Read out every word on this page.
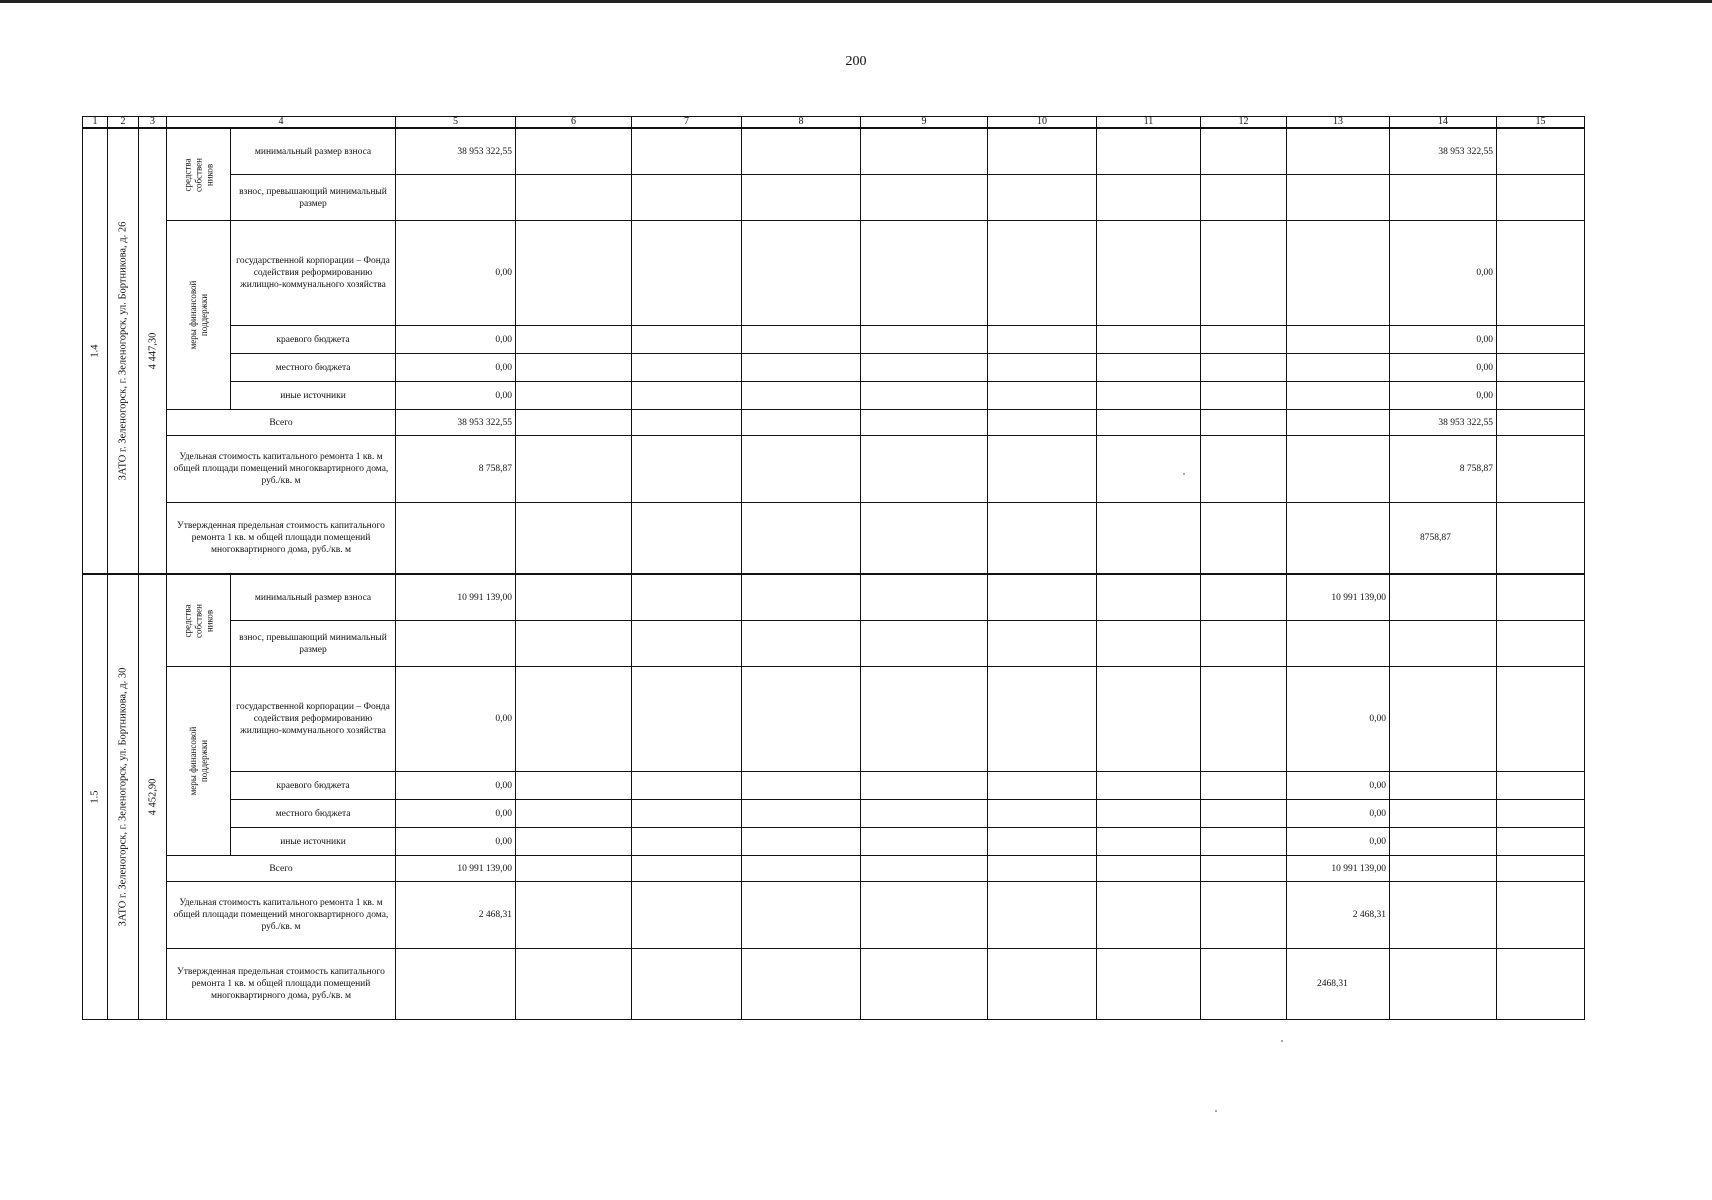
200
1	2	3	4		5	6	7	8	9	10	11	12	13	14	15

1.4	ЗАТО г. Зеленогорск, г. Зеленогорск, ул. Бортникова, д. 26	4 447,30	средства собствен ников	минимальный размер взноса	38 953 322,55									38 953 322,55	
				взнос, превышающий минимальный размер											

			меры финансовой поддержки	государственной корпорации – Фонда содействия реформированию жилищно-коммунального хозяйства	0,00									0,00	
				краевого бюджета	0,00									0,00	
				местного бюджета	0,00									0,00	
				иные источники	0,00									0,00	
			Всего		38 953 322,55									38 953 322,55	
			Удельная стоимость капитального ремонта 1 кв. м общей площади помещений многоквартирного дома, руб./кв. м		8 758,87									8 758,87	
			Утвержденная предельная стоимость капитального ремонта 1 кв. м общей площади помещений многоквартирного дома, руб./кв. м											8758,87	

1.5	ЗАТО г. Зеленогорск, г. Зеленогорск, ул. Бортникова, д. 30	4 452,90	средства собствен ников	минимальный размер взноса	10 991 139,00								10 991 139,00		
				взнос, превышающий минимальный размер											

			меры финансовой поддержки	государственной корпорации – Фонда содействия реформированию жилищно-коммунального хозяйства	0,00								0,00		
				краевого бюджета	0,00								0,00		
				местного бюджета	0,00								0,00		
				иные источники	0,00								0,00		
			Всего		10 991 139,00								10 991 139,00		
			Удельная стоимость капитального ремонта 1 кв. м общей площади помещений многоквартирного дома, руб./кв. м		2 468,31								2 468,31		
			Утвержденная предельная стоимость капитального ремонта 1 кв. м общей площади помещений многоквартирного дома, руб./кв. м										2468,31		
